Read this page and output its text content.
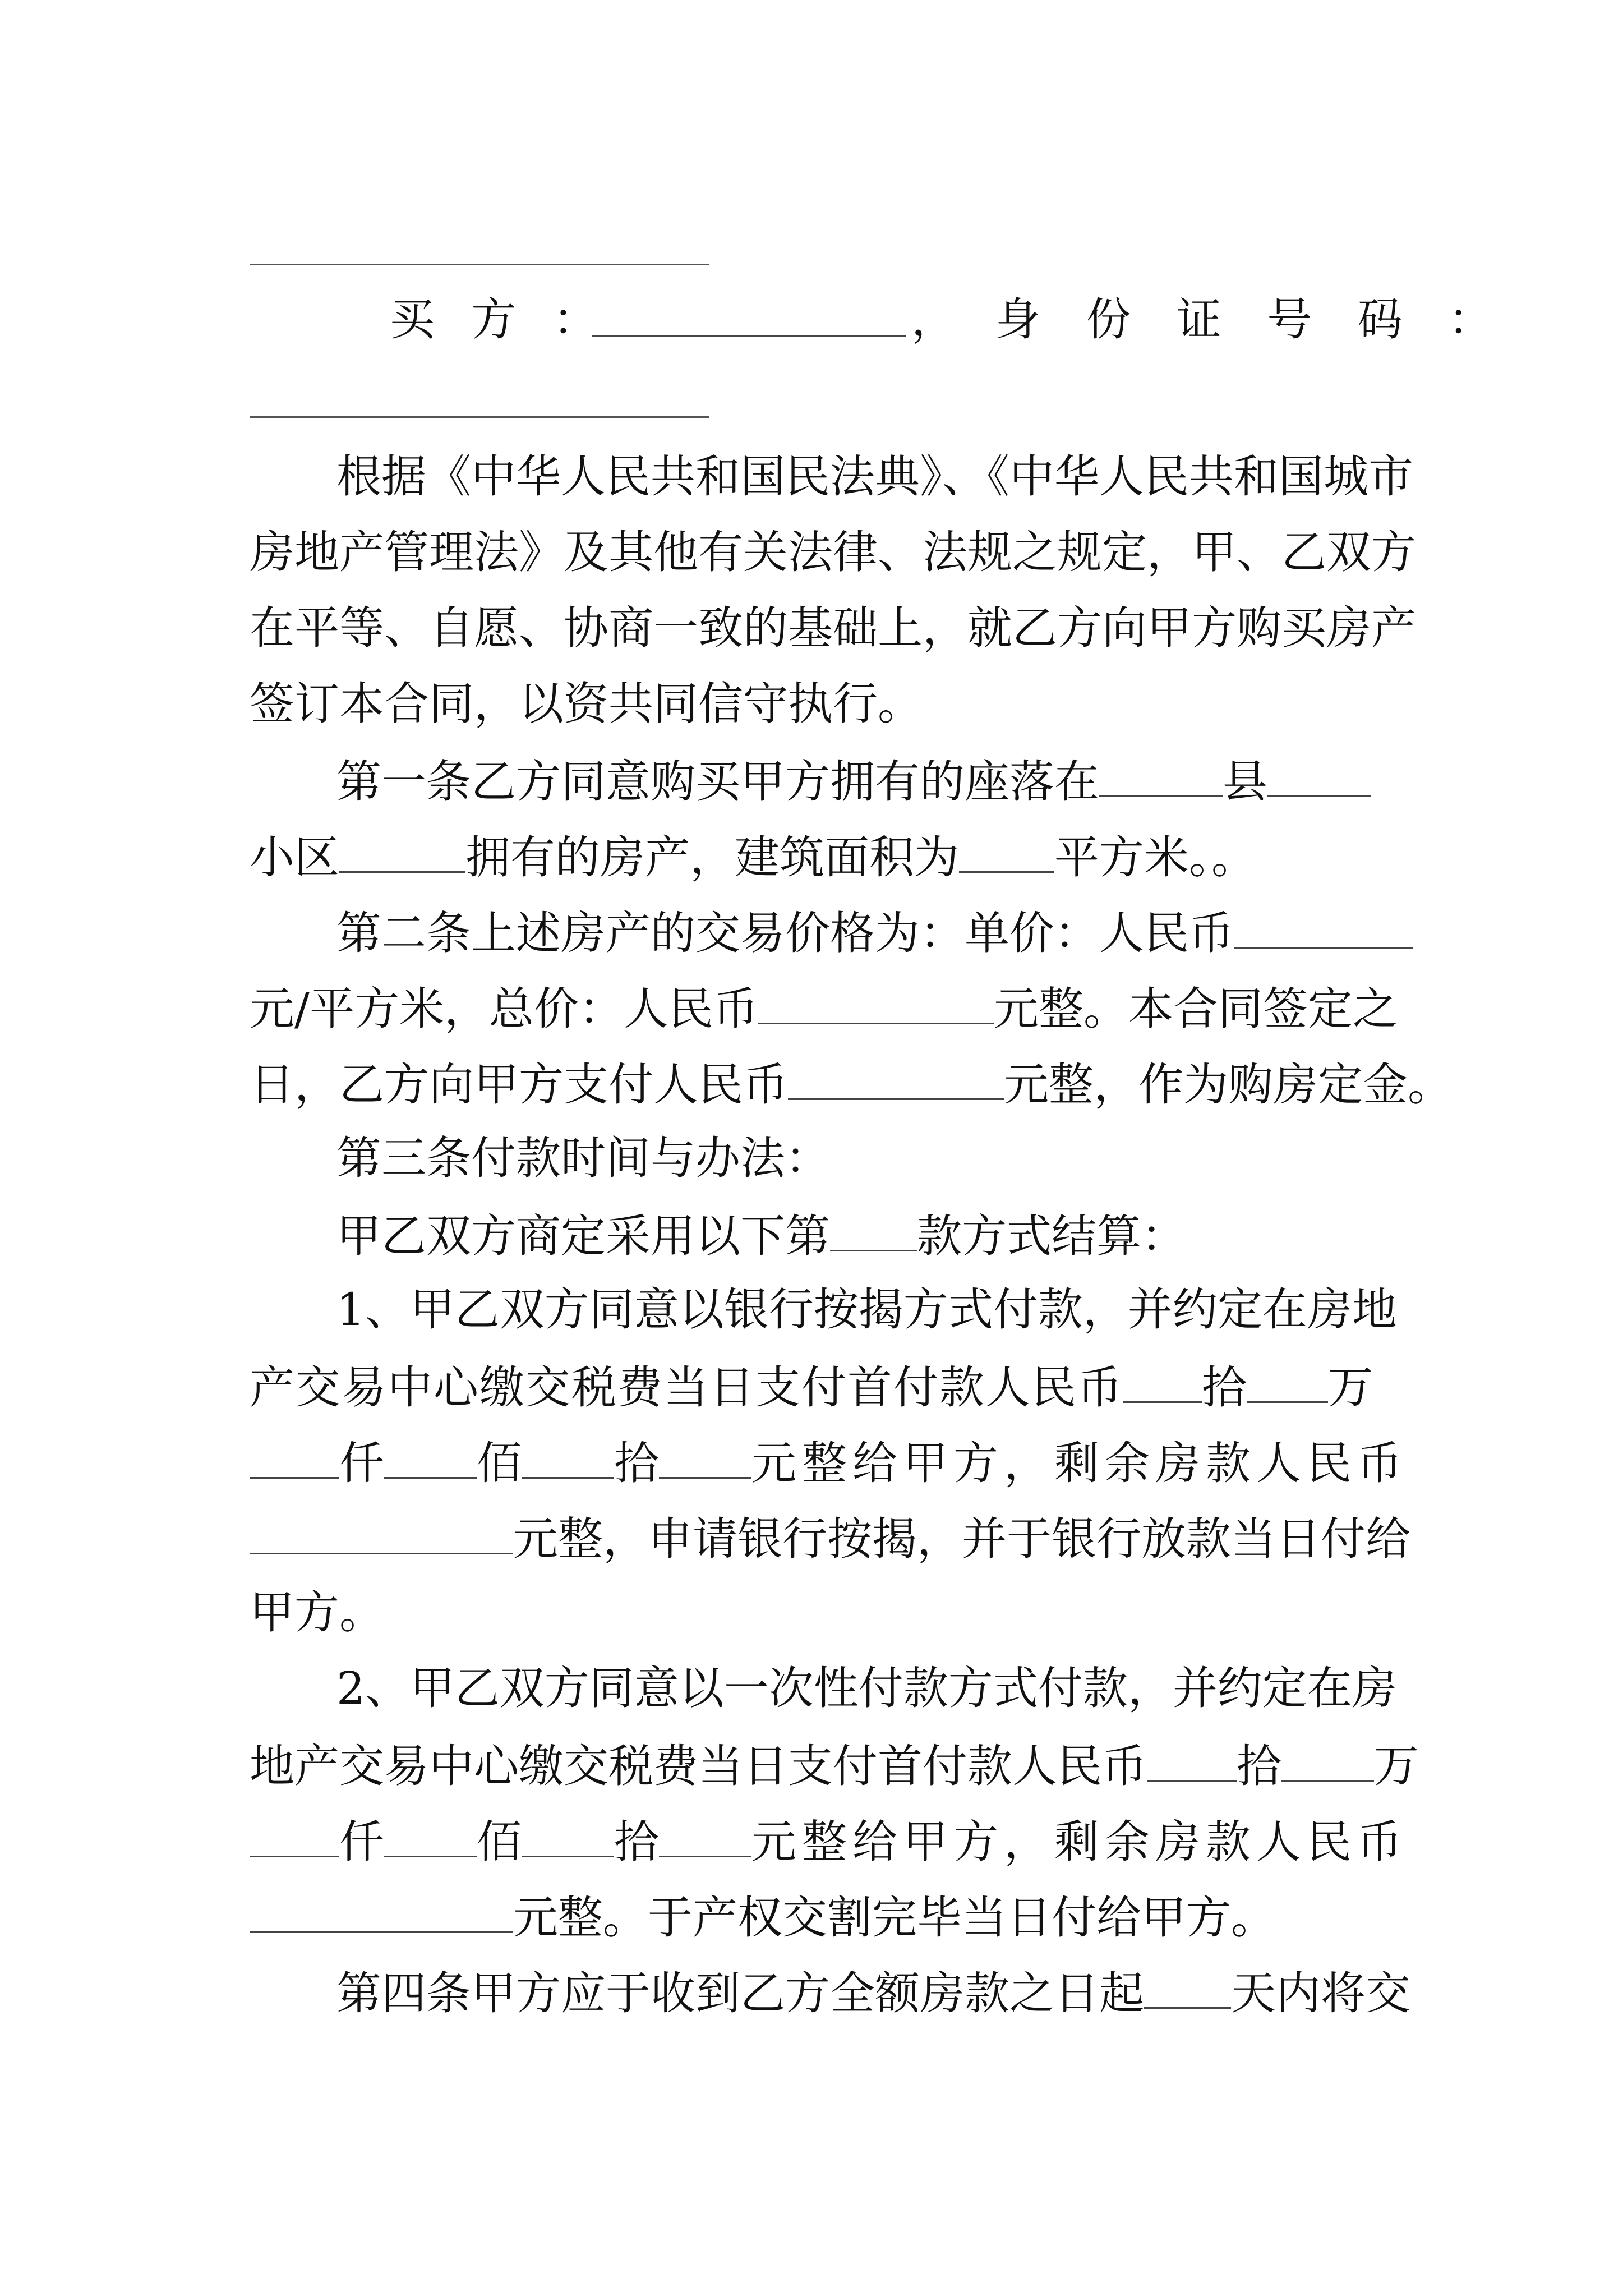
买 方 ：	， 身 份 证 号 码 ：
根据《中华人民共和国民法典》、《中华人民共和国城市
房地产管理法》及其他有关法律、法规之规定，甲、乙双方
在平等、自愿、协商一致的基础上，就乙方向甲方购买房产
签订本合同，以资共同信守执行。
第一条乙方同意购买甲方拥有的座落在	县
小区	拥有的房产，建筑面积为 平方米。。
第二条上述房产的交易价格为：单价：人民币
元/平方米，总价：人民币	元整。本合同签定之
日，乙方向甲方支付人民币	元整，作为购房定金。
第三条付款时间与办法：
甲乙双方商定采用以下第 款方式结算：
1、甲乙双方同意以银行按揭方式付款，并约定在房地
产交易中心缴交税费当日支付首付款人民币 拾 万
仟 佰 拾 元整给甲方，剩余房款人民币
元整，申请银行按揭，并于银行放款当日付给
甲方。
2、甲乙双方同意以一次性付款方式付款，并约定在房
地产交易中心缴交税费当日支付首付款人民币 拾 万
仟 佰 拾 元整给甲方，剩余房款人民币
元整。于产权交割完毕当日付给甲方。
第四条甲方应于收到乙方全额房款之日起 天内将交
